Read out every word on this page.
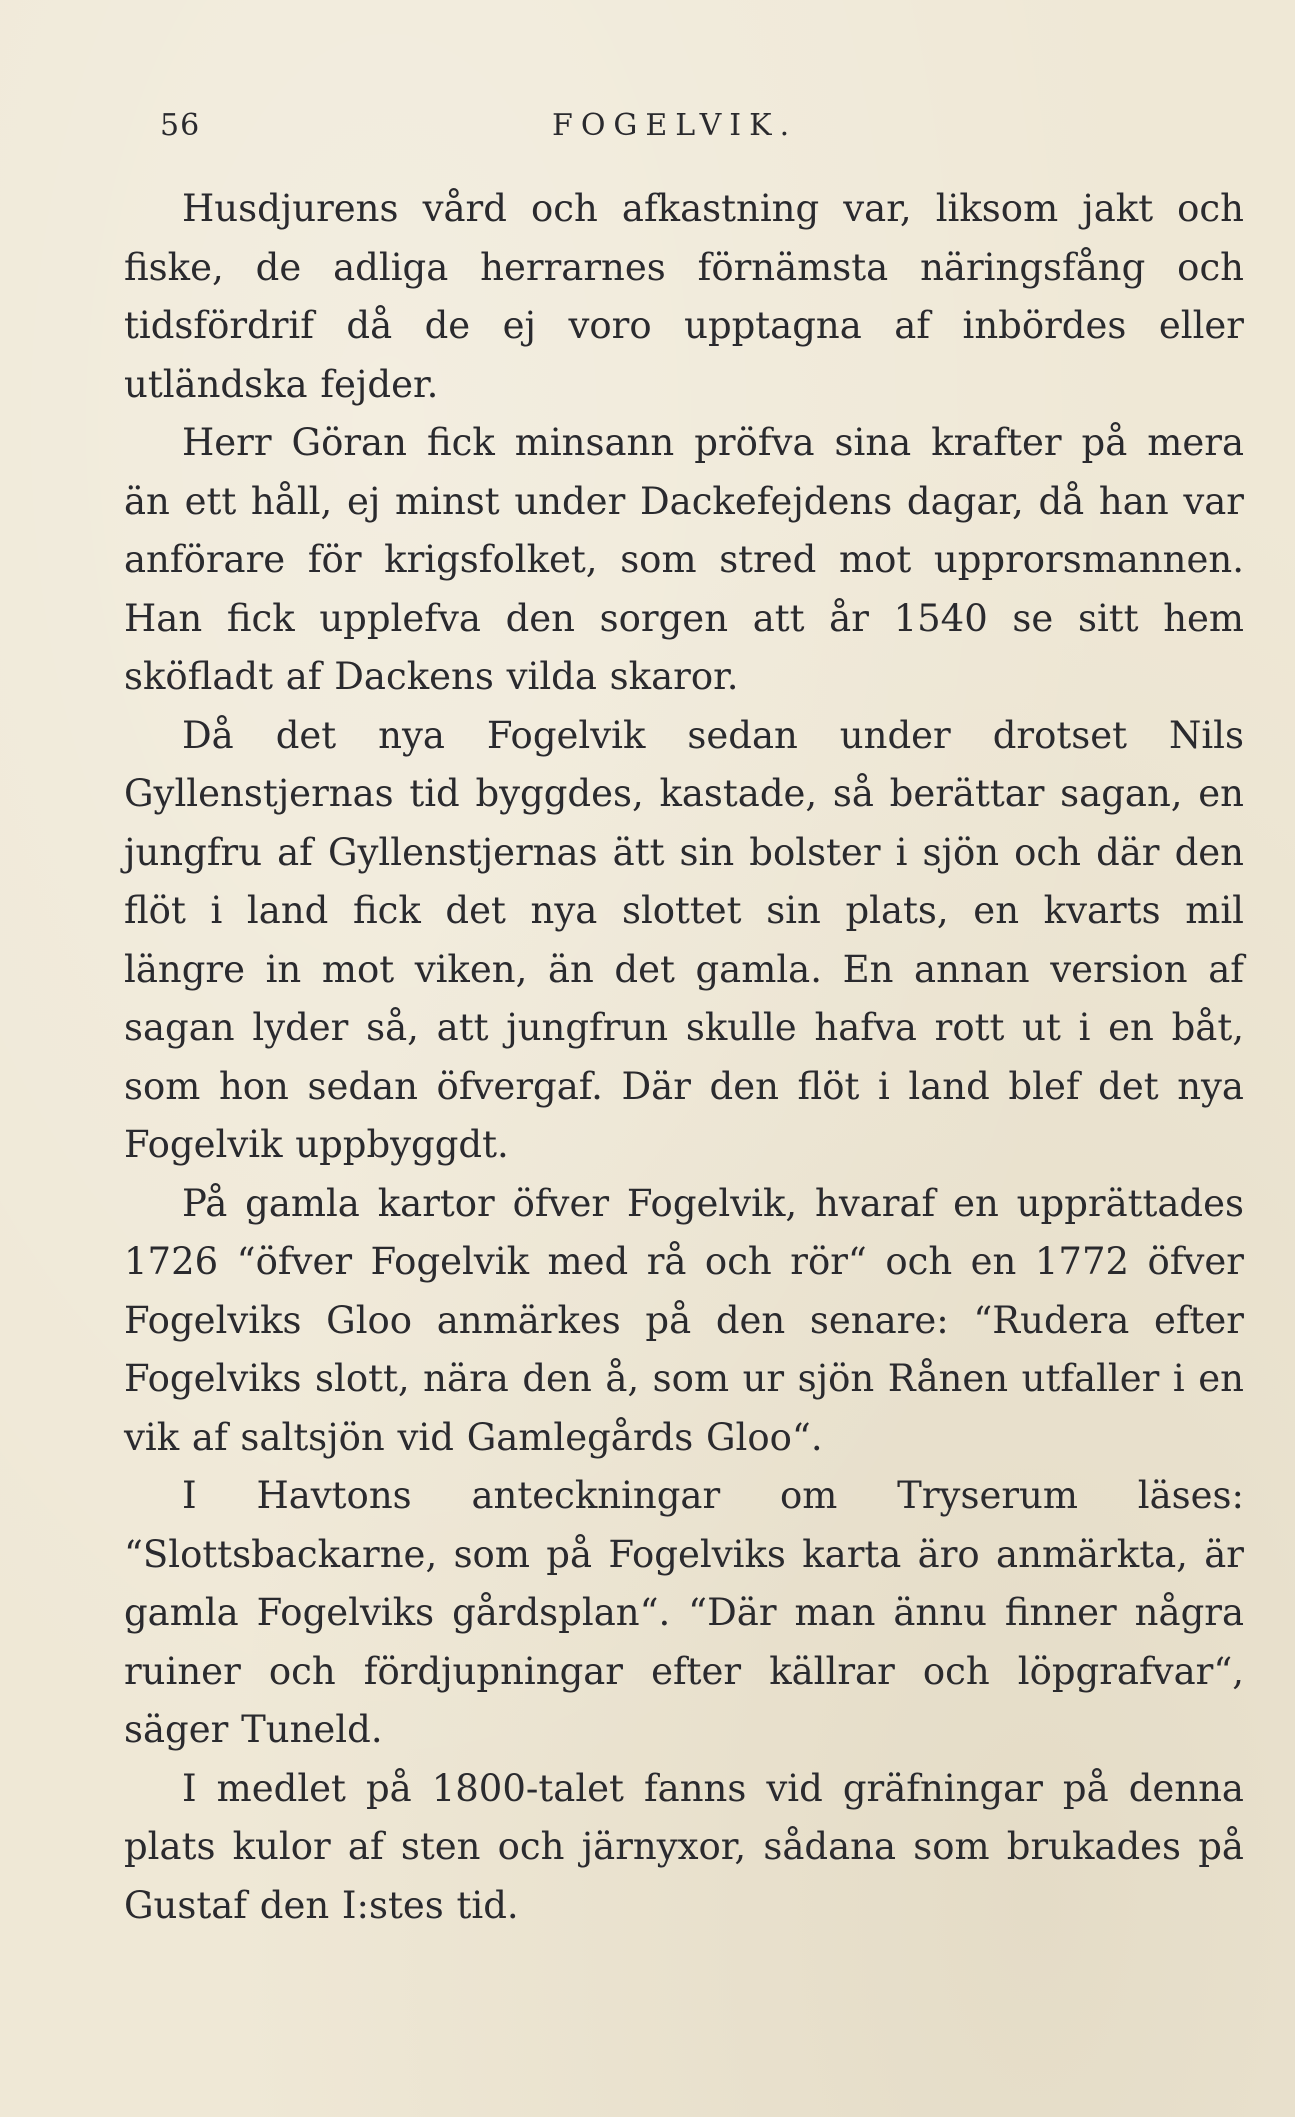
56	FOGELVIK.

Husdjurens vård och afkastning var, liksom jakt och fiske, de adliga herrarnes förnämsta näringsfång och tidsfördrif då de ej voro upptagna af inbördes eller utländska fejder.

Herr Göran fick minsann pröfva sina krafter på mera än ett håll, ej minst under Dackefejdens dagar, då han var anförare för krigsfolket, som stred mot upprorsmannen. Han fick upplefva den sorgen att år 1540 se sitt hem sköfladt af Dackens vilda skaror.

Då det nya Fogelvik sedan under drotset Nils Gyllenstjernas tid byggdes, kastade, så berättar sagan, en jungfru af Gyllenstjernas ätt sin bolster i sjön och där den flöt i land fick det nya slottet sin plats, en kvarts mil längre in mot viken, än det gamla. En annan version af sagan lyder så, att jungfrun skulle hafva rott ut i en båt, som hon sedan öfvergaf. Där den flöt i land blef det nya Fogelvik uppbyggdt.

På gamla kartor öfver Fogelvik, hvaraf en upprättades 1726 “öfver Fogelvik med rå och rör“ och en 1772 öfver Fogelviks Gloo anmärkes på den senare: “Rudera efter Fogelviks slott, nära den å, som ur sjön Rånen utfaller i en vik af saltsjön vid Gamlegårds Gloo“.

I Havtons anteckningar om Tryserum läses: “Slottsbackarne, som på Fogelviks karta äro anmärkta, är gamla Fogelviks gårdsplan“. “Där man ännu finner några ruiner och fördjupningar efter källrar och löpgrafvar“, säger Tuneld.

I medlet på 1800-talet fanns vid gräfningar på denna plats kulor af sten och järnyxor, sådana som brukades på Gustaf den I:stes tid.
